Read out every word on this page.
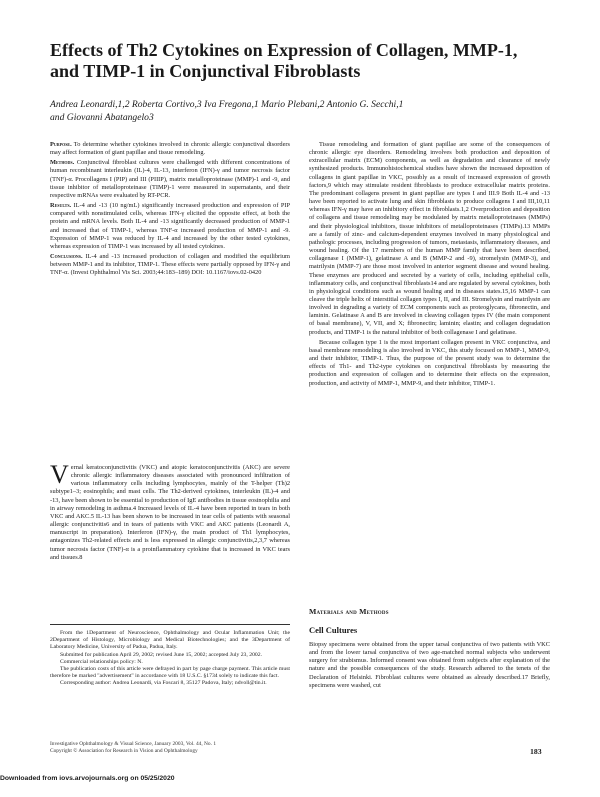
Effects of Th2 Cytokines on Expression of Collagen, MMP-1, and TIMP-1 in Conjunctival Fibroblasts
Andrea Leonardi,1,2 Roberta Cortivo,3 Iva Fregona,1 Mario Plebani,2 Antonio G. Secchi,1
and Giovanni Abatangelo3

Purpose. To determine whether cytokines involved in chronic allergic conjunctival disorders may affect formation of giant papillae and tissue remodeling.

Methods. Conjunctival fibroblast cultures were challenged with different concentrations of human recombinant interleukin (IL)-4, IL-13, interferon (IFN)-γ and tumor necrosis factor (TNF)-α. Procollagens I (PIP) and III (PIIIP), matrix metalloproteinase (MMP)-1 and -9, and tissue inhibitor of metalloproteinase (TIMP)-1 were measured in supernatants, and their respective mRNAs were evaluated by RT-PCR.

Results. IL-4 and -13 (10 ng/mL) significantly increased production and expression of PIP compared with nonstimulated cells, whereas IFN-γ elicited the opposite effect, at both the protein and mRNA levels. Both IL-4 and -13 significantly decreased production of MMP-1 and increased that of TIMP-1, whereas TNF-α increased production of MMP-1 and -9. Expression of MMP-1 was reduced by IL-4 and increased by the other tested cytokines, whereas expression of TIMP-1 was increased by all tested cytokines.

Conclusions. IL-4 and -13 increased production of collagen and modified the equilibrium between MMP-1 and its inhibitor, TIMP-1. These effects were partially opposed by IFN-γ and TNF-α. (Invest Ophthalmol Vis Sci. 2003;44:183–189) DOI: 10.1167/iovs.02-0420

Vernal keratoconjunctivitis (VKC) and atopic keratoconjunctivitis (AKC) are severe chronic allergic inflammatory diseases associated with pronounced infiltration of various inflammatory cells including lymphocytes, mainly of the T-helper (Th)2 subtype1–3; eosinophils; and mast cells. The Th2-derived cytokines, interleukin (IL)-4 and -13, have been shown to be essential to production of IgE antibodies in tissue eosinophilia and in airway remodeling in asthma.4 Increased levels of IL-4 have been reported in tears in both VKC and AKC.5 IL-13 has been shown to be increased in tear cells of patients with seasonal allergic conjunctivitis6 and in tears of patients with VKC and AKC patients (Leonardi A, manuscript in preparation). Interferon (IFN)-γ, the main product of Th1 lymphocytes, antagonizes Th2-related effects and is less expressed in allergic conjunctivitis,2,3,7 whereas tumor necrosis factor (TNF)-α is a proinflammatory cytokine that is increased in VKC tears and tissues.8

From the 1Department of Neuroscience, Ophthalmology and Ocular Inflammation Unit; the 2Department of Histology, Microbiology and Medical Biotechnologies; and the 3Department of Laboratory Medicine, University of Padua, Padua, Italy.

Submitted for publication April 29, 2002; revised June 15, 2002; accepted July 23, 2002.

Commercial relationships policy: N.

The publication costs of this article were defrayed in part by page charge payment. This article must therefore be marked "advertisement" in accordance with 18 U.S.C. §1734 solely to indicate this fact.

Corresponding author: Andrea Leonardi, via Foscari 8, 35127 Padova, Italy; ndvoll@tin.it.

Tissue remodeling and formation of giant papillae are some of the consequences of chronic allergic eye disorders. Remodeling involves both production and deposition of extracellular matrix (ECM) components, as well as degradation and clearance of newly synthesized products. Immunohistochemical studies have shown the increased deposition of collagens in giant papillae in VKC, possibly as a result of increased expression of growth factors,9 which may stimulate resident fibroblasts to produce extracellular matrix proteins. The predominant collagens present in giant papillae are types I and III.9 Both IL-4 and -13 have been reported to activate lung and skin fibroblasts to produce collagens I and III,10,11 whereas IFN-γ may have an inhibitory effect in fibroblasts.1,2 Overproduction and deposition of collagens and tissue remodeling may be modulated by matrix metalloproteinases (MMPs) and their physiological inhibitors, tissue inhibitors of metalloproteinases (TIMPs).13 MMPs are a family of zinc- and calcium-dependent enzymes involved in many physiological and pathologic processes, including progression of tumors, metastasis, inflammatory diseases, and wound healing. Of the 17 members of the human MMP family that have been described, collagenase I (MMP-1), gelatinase A and B (MMP-2 and -9), stromelysin (MMP-3), and matrilysin (MMP-7) are those most involved in anterior segment disease and wound healing. These enzymes are produced and secreted by a variety of cells, including epithelial cells, inflammatory cells, and conjunctival fibroblasts14 and are regulated by several cytokines, both in physiological conditions such as wound healing and in diseases states.15,16 MMP-1 can cleave the triple helix of interstitial collagen types I, II, and III. Stromelysin and matrilysin are involved in degrading a variety of ECM components such as proteoglycans, fibronectin, and laminin. Gelatinase A and B are involved in cleaving collagen types IV (the main component of basal membrane), V, VII, and X; fibronectin; laminin; elastin; and collagen degradation products, and TIMP-1 is the natural inhibitor of both collagenase I and gelatinase.

Because collagen type 1 is the most important collagen present in VKC conjunctiva, and basal membrane remodeling is also involved in VKC, this study focused on MMP-1, MMP-9, and their inhibitor, TIMP-1. Thus, the purpose of the present study was to determine the effects of Th1- and Th2-type cytokines on conjunctival fibroblasts by measuring the production and expression of collagen and to determine their effects on the expression, production, and activity of MMP-1, MMP-9, and their inhibitor, TIMP-1.

Materials and Methods
Cell Cultures

Biopsy specimens were obtained from the upper tarsal conjunctiva of two patients with VKC and from the lower tarsal conjunctiva of two age-matched normal subjects who underwent surgery for strabismus. Informed consent was obtained from subjects after explanation of the nature and the possible consequences of the study. Research adhered to the tenets of the Declaration of Helsinki. Fibroblast cultures were obtained as already described.17 Briefly, specimens were washed, cut

Investigative Ophthalmology & Visual Science, January 2003, Vol. 44, No. 1
Copyright © Association for Research in Vision and Ophthalmology	183
Downloaded from iovs.arvojournals.org on 05/25/2020
